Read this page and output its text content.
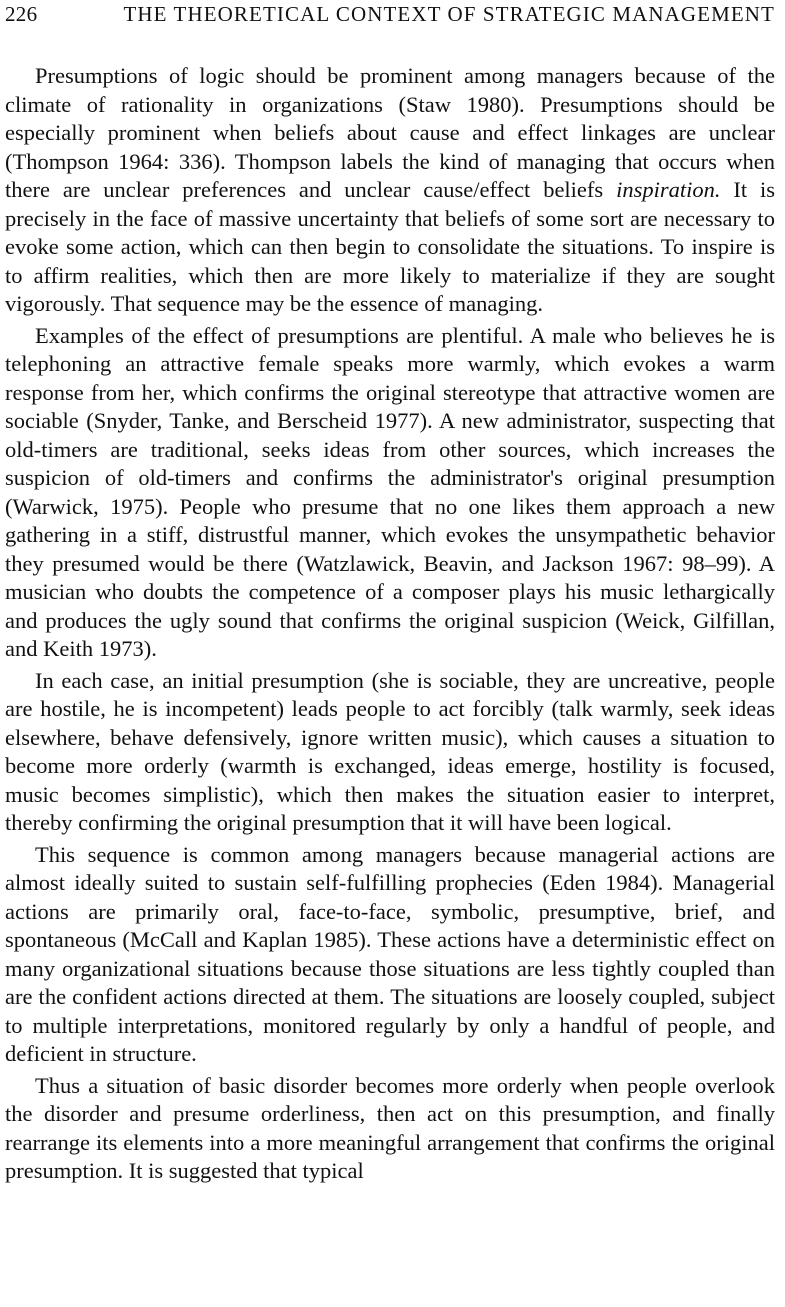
226	THE THEORETICAL CONTEXT OF STRATEGIC MANAGEMENT

Presumptions of logic should be prominent among managers because of the climate of rationality in organizations (Staw 1980). Presumptions should be especially prominent when beliefs about cause and effect linkages are unclear (Thompson 1964: 336). Thompson labels the kind of managing that occurs when there are unclear preferences and unclear cause/effect beliefs inspiration. It is precisely in the face of massive uncertainty that beliefs of some sort are necessary to evoke some action, which can then begin to consolidate the situations. To inspire is to affirm realities, which then are more likely to materialize if they are sought vigorously. That sequence may be the essence of managing.

Examples of the effect of presumptions are plentiful. A male who believes he is telephoning an attractive female speaks more warmly, which evokes a warm response from her, which confirms the original stereotype that attractive women are sociable (Snyder, Tanke, and Berscheid 1977). A new administrator, suspecting that old-timers are traditional, seeks ideas from other sources, which increases the suspicion of old-timers and confirms the administrator's original presumption (Warwick, 1975). People who presume that no one likes them approach a new gathering in a stiff, distrustful manner, which evokes the unsympathetic behavior they presumed would be there (Watzlawick, Beavin, and Jackson 1967: 98–99). A musician who doubts the competence of a composer plays his music lethargically and produces the ugly sound that confirms the original suspicion (Weick, Gilfillan, and Keith 1973).

In each case, an initial presumption (she is sociable, they are uncreative, people are hostile, he is incompetent) leads people to act forcibly (talk warmly, seek ideas elsewhere, behave defensively, ignore written music), which causes a situation to become more orderly (warmth is exchanged, ideas emerge, hostility is focused, music becomes simplistic), which then makes the situation easier to interpret, thereby confirming the original presumption that it will have been logical.

This sequence is common among managers because managerial actions are almost ideally suited to sustain self-fulfilling prophecies (Eden 1984). Managerial actions are primarily oral, face-to-face, symbolic, presumptive, brief, and spontaneous (McCall and Kaplan 1985). These actions have a deterministic effect on many organizational situations because those situations are less tightly coupled than are the confident actions directed at them. The situations are loosely coupled, subject to multiple interpretations, monitored regularly by only a handful of people, and deficient in structure.

Thus a situation of basic disorder becomes more orderly when people overlook the disorder and presume orderliness, then act on this presumption, and finally rearrange its elements into a more meaningful arrangement that confirms the original presumption. It is suggested that typical
